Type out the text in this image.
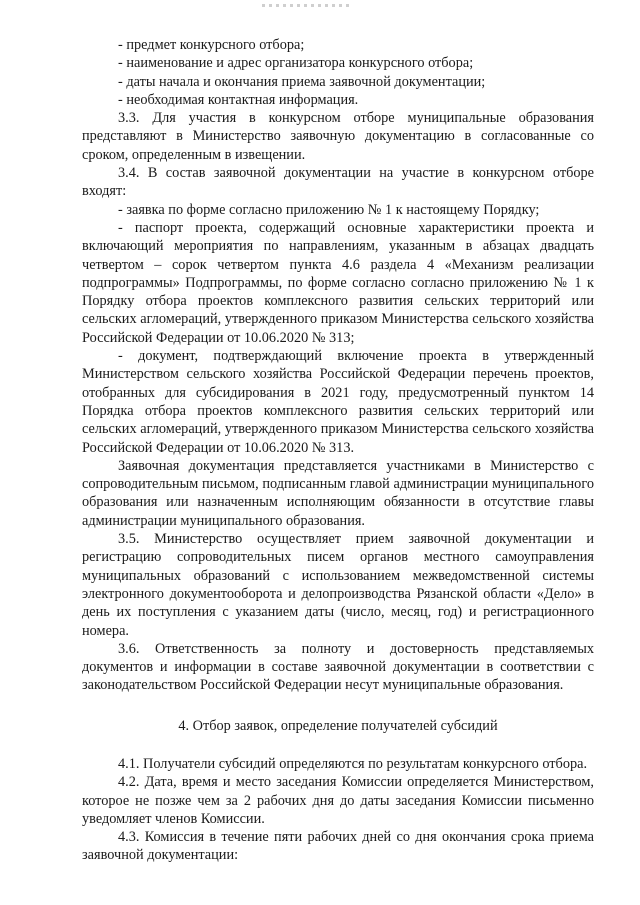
- предмет конкурсного отбора;

- наименование и адрес организатора конкурсного отбора;

- даты начала и окончания приема заявочной документации;

- необходимая контактная информация.

3.3. Для участия в конкурсном отборе муниципальные образования представляют в Министерство заявочную документацию в согласованные со сроком, определенным в извещении.

3.4. В состав заявочной документации на участие в конкурсном отборе входят:

- заявка по форме согласно приложению № 1 к настоящему Порядку;

- паспорт проекта, содержащий основные характеристики проекта и включающий мероприятия по направлениям, указанным в абзацах двадцать четвертом – сорок четвертом пункта 4.6 раздела 4 «Механизм реализации подпрограммы» Подпрограммы, по форме согласно согласно приложению № 1 к Порядку отбора проектов комплексного развития сельских территорий или сельских агломераций, утвержденного приказом Министерства сельского хозяйства Российской Федерации от 10.06.2020 № 313;

- документ, подтверждающий включение проекта в утвержденный Министерством сельского хозяйства Российской Федерации перечень проектов, отобранных для субсидирования в 2021 году, предусмотренный пунктом 14 Порядка отбора проектов комплексного развития сельских территорий или сельских агломераций, утвержденного приказом Министерства сельского хозяйства Российской Федерации от 10.06.2020 № 313.

Заявочная документация представляется участниками в Министерство с сопроводительным письмом, подписанным главой администрации муниципального образования или назначенным исполняющим обязанности в отсутствие главы администрации муниципального образования.

3.5. Министерство осуществляет прием заявочной документации и регистрацию сопроводительных писем органов местного самоуправления муниципальных образований с использованием межведомственной системы электронного документооборота и делопроизводства Рязанской области «Дело» в день их поступления с указанием даты (число, месяц, год) и регистрационного номера.

3.6. Ответственность за полноту и достоверность представляемых документов и информации в составе заявочной документации в соответствии с законодательством Российской Федерации несут муниципальные образования.

4. Отбор заявок, определение получателей субсидий

4.1. Получатели субсидий определяются по результатам конкурсного отбора.

4.2. Дата, время и место заседания Комиссии определяется Министерством, которое не позже чем за 2 рабочих дня до даты заседания Комиссии письменно уведомляет членов Комиссии.

4.3. Комиссия в течение пяти рабочих дней со дня окончания срока приема заявочной документации:
